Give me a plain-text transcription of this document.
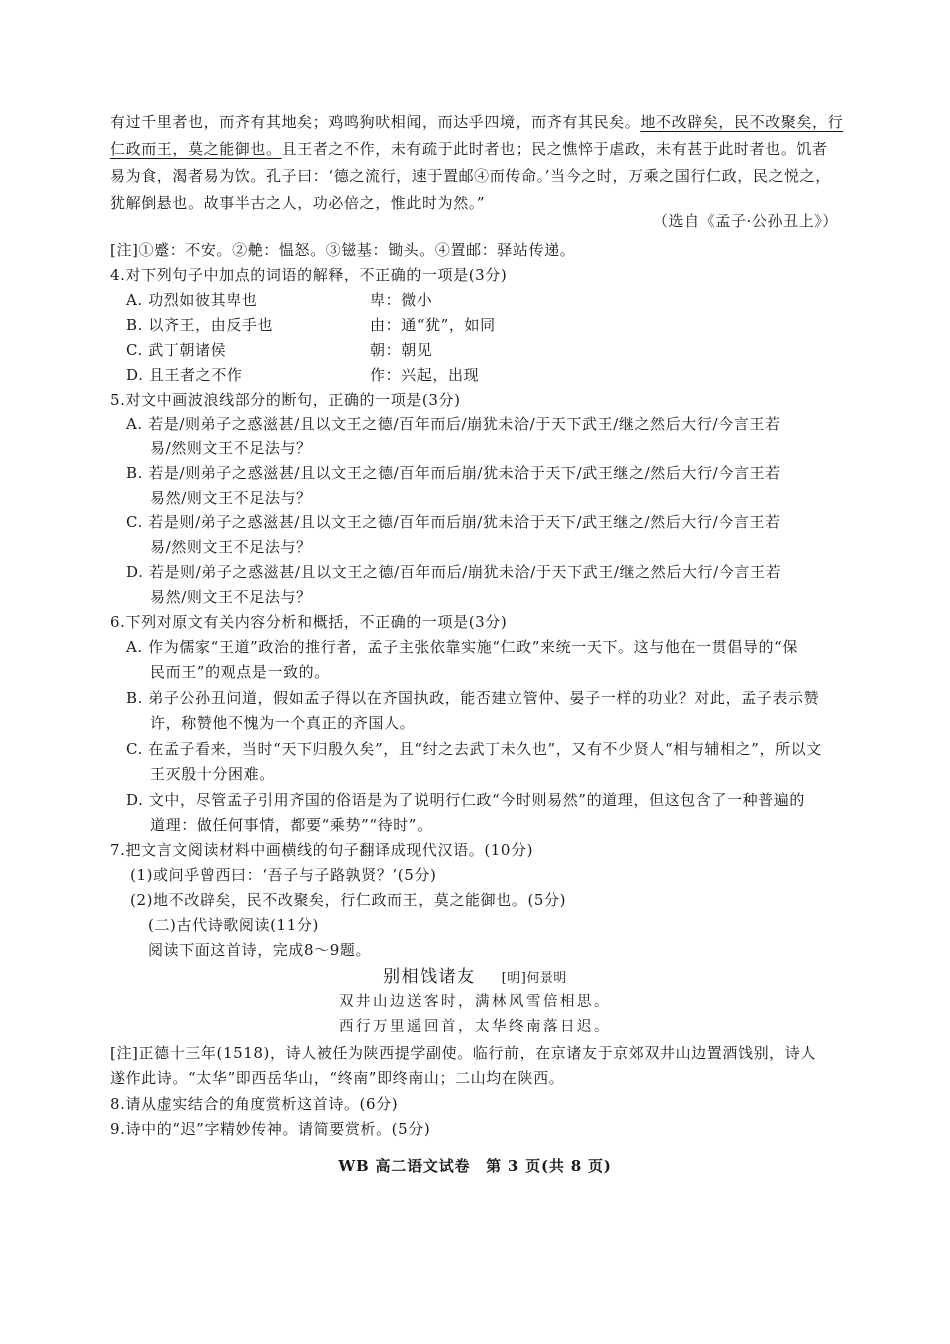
有过千里者也，而齐有其地矣；鸡鸣狗吠相闻，而达乎四境，而齐有其民矣。地不改辟矣，民不改聚矣，行
仁政而王，莫之能御也。且王者之不作，未有疏于此时者也；民之憔悴于虐政，未有甚于此时者也。饥者
易为食，渴者易为饮。孔子曰：‘德之流行，速于置邮④而传命。’当今之时，万乘之国行仁政，民之悦之，
犹解倒悬也。故事半古之人，功必倍之，惟此时为然。”
（选自《孟子·公孙丑上》）
[注]①蹙：不安。②艴：愠怒。③镃基：锄头。④置邮：驿站传递。
4.对下列句子中加点的词语的解释，不正确的一项是(3分)
A. 功烈如彼其卑也	卑：微小
B. 以齐王，由反手也	由：通“犹”，如同
C. 武丁朝诸侯	朝：朝见
D. 且王者之不作	作：兴起，出现
5.对文中画波浪线部分的断句，正确的一项是(3分)
A. 若是/则弟子之惑滋甚/且以文王之德/百年而后/崩犹未洽/于天下武王/继之然后大行/今言王若
易/然则文王不足法与？
B. 若是/则弟子之惑滋甚/且以文王之德/百年而后崩/犹未洽于天下/武王继之/然后大行/今言王若
易然/则文王不足法与？
C. 若是则/弟子之惑滋甚/且以文王之德/百年而后崩/犹未洽于天下/武王继之/然后大行/今言王若
易/然则文王不足法与？
D. 若是则/弟子之惑滋甚/且以文王之德/百年而后/崩犹未洽/于天下武王/继之然后大行/今言王若
易然/则文王不足法与？
6.下列对原文有关内容分析和概括，不正确的一项是(3分)
A. 作为儒家“王道”政治的推行者，孟子主张依靠实施“仁政”来统一天下。这与他在一贯倡导的“保
民而王”的观点是一致的。
B. 弟子公孙丑问道，假如孟子得以在齐国执政，能否建立管仲、晏子一样的功业？对此，孟子表示赞
许，称赞他不愧为一个真正的齐国人。
C. 在孟子看来，当时“天下归殷久矣”，且“纣之去武丁未久也”，又有不少贤人“相与辅相之”，所以文
王灭殷十分困难。
D. 文中，尽管孟子引用齐国的俗语是为了说明行仁政“今时则易然”的道理，但这包含了一种普遍的
道理：做任何事情，都要“乘势”“待时”。
7.把文言文阅读材料中画横线的句子翻译成现代汉语。(10分)
(1)或问乎曾西曰：‘吾子与子路孰贤？’(5分)
(2)地不改辟矣，民不改聚矣，行仁政而王，莫之能御也。(5分)
(二)古代诗歌阅读(11分)
阅读下面这首诗，完成8～9题。
别相饯诸友 [明]何景明
双井山边送客时，满林风雪倍相思。
西行万里遥回首，太华终南落日迟。
[注]正德十三年(1518)，诗人被任为陕西提学副使。临行前，在京诸友于京郊双井山边置酒饯别，诗人
遂作此诗。“太华”即西岳华山，“终南”即终南山；二山均在陕西。
8.请从虚实结合的角度赏析这首诗。(6分)
9.诗中的“迟”字精妙传神。请简要赏析。(5分)
WB 高二语文试卷　第 3 页(共 8 页)
